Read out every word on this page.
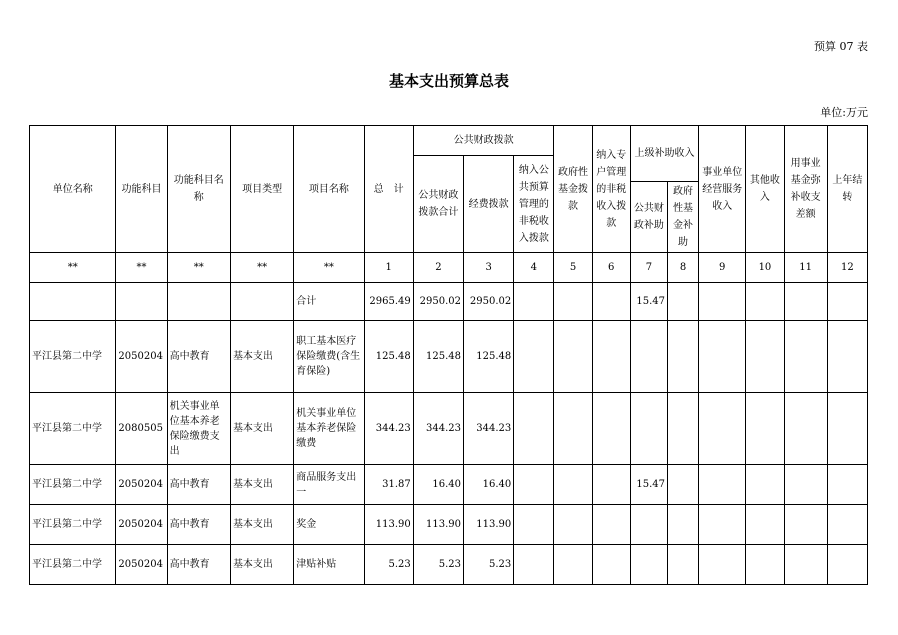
预算 07 表
基本支出预算总表
单位:万元
单位名称	功能科目	功能科目名称	项目类型	项目名称	总　计	公共财政拨款			政府性基金拨款	纳入专户管理的非税收入拨款	上级补助收入		事业单位经营服务收入	其他收入	用事业基金弥补收支差额	上年结转
						公共财政拨款合计	经费拨款	纳入公共预算管理的非税收入拨款								
											公共财政补助	政府性基金补助				
**	**	**	**	**	1	2	3	4	5	6	7	8	9	10	11	12
				合计	2965.49	2950.02	2950.02				15.47					
平江县第二中学	2050204	高中教育	基本支出	职工基本医疗保险缴费(含生育保险)	125.48	125.48	125.48									
平江县第二中学	2080505	机关事业单位基本养老保险缴费支出	基本支出	机关事业单位基本养老保险缴费	344.23	344.23	344.23									
平江县第二中学	2050204	高中教育	基本支出	商品服务支出一	31.87	16.40	16.40				15.47					
平江县第二中学	2050204	高中教育	基本支出	奖金	113.90	113.90	113.90									
平江县第二中学	2050204	高中教育	基本支出	津贴补贴	5.23	5.23	5.23									
